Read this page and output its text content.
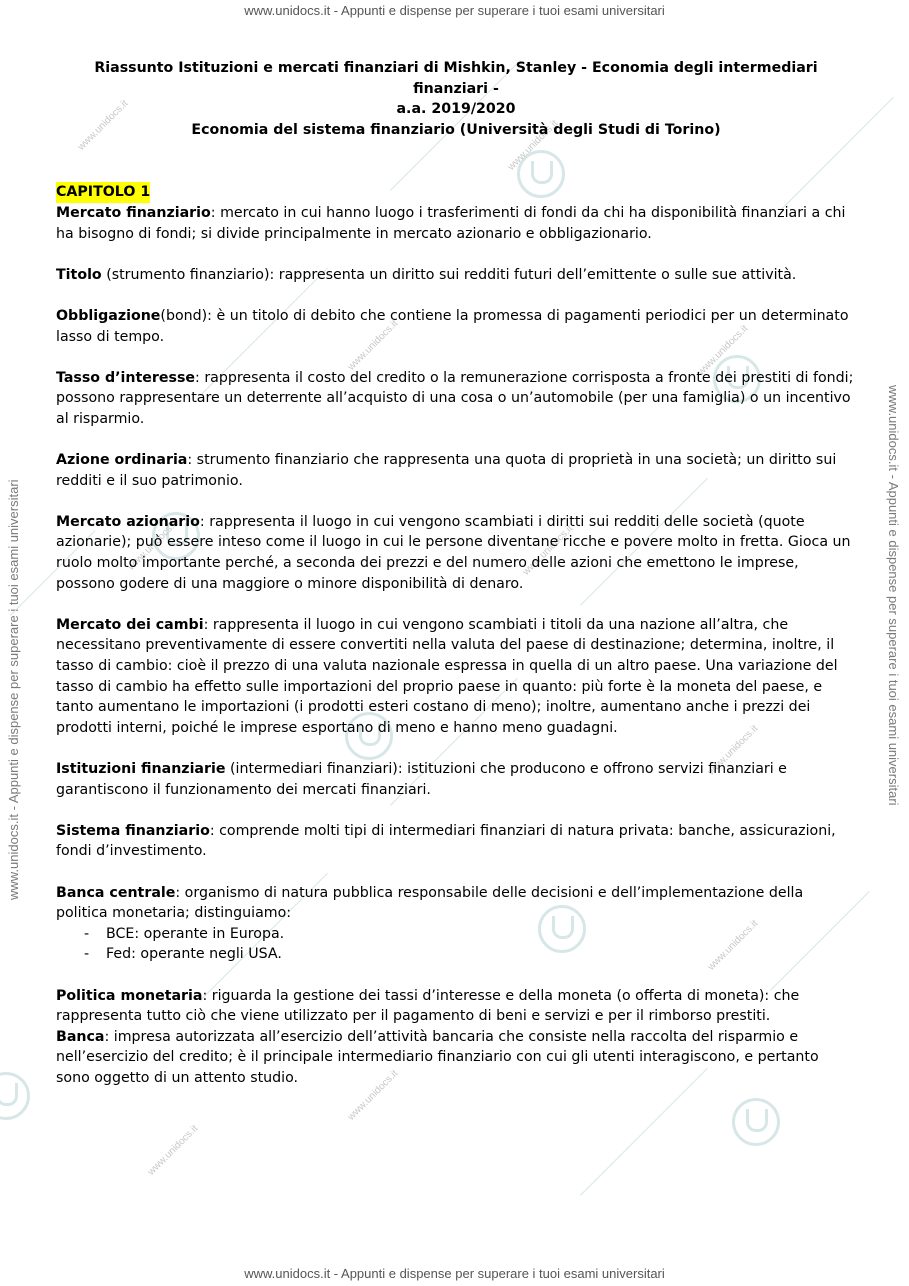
www.unidocs.it - Appunti e dispense per superare i tuoi esami universitari
www.unidocs.it - Appunti e dispense per superare i tuoi esami universitari
www.unidocs.it - Appunti e dispense per superare i tuoi esami universitari	www.unidocs.it - Appunti e dispense per superare i tuoi esami universitari
www.unidocs.it	www.unidocs.it
www.unidocs.it	www.unidocs.it
www.unidocs.it	www.unidocs.it
www.unidocs.it
www.unidocs.it
www.unidocs.it
www.unidocs.it
Riassunto Istituzioni e mercati finanziari di Mishkin, Stanley - Economia degli intermediari finanziari -
a.a. 2019/2020
Economia del sistema finanziario (Università degli Studi di Torino)
CAPITOLO 1

Mercato finanziario: mercato in cui hanno luogo i trasferimenti di fondi da chi ha disponibilità finanziari a chi ha bisogno di fondi; si divide principalmente in mercato azionario e obbligazionario.

Titolo (strumento finanziario): rappresenta un diritto sui redditi futuri dell’emittente o sulle sue attività.

Obbligazione(bond): è un titolo di debito che contiene la promessa di pagamenti periodici per un determinato lasso di tempo.

Tasso d’interesse: rappresenta il costo del credito o la remunerazione corrisposta a fronte dei prestiti di fondi; possono rappresentare un deterrente all’acquisto di una cosa o un’automobile (per una famiglia) o un incentivo al risparmio.

Azione ordinaria: strumento finanziario che rappresenta una quota di proprietà in una società; un diritto sui redditi e il suo patrimonio.

Mercato azionario: rappresenta il luogo in cui vengono scambiati i diritti sui redditi delle società (quote azionarie); può essere inteso come il luogo in cui le persone diventane ricche e povere molto in fretta. Gioca un ruolo molto importante perché, a seconda dei prezzi e del numero delle azioni che emettono le imprese, possono godere di una maggiore o minore disponibilità di denaro.

Mercato dei cambi: rappresenta il luogo in cui vengono scambiati i titoli da una nazione all’altra, che necessitano preventivamente di essere convertiti nella valuta del paese di destinazione; determina, inoltre, il tasso di cambio: cioè il prezzo di una valuta nazionale espressa in quella di un altro paese. Una variazione del tasso di cambio ha effetto sulle importazioni del proprio paese in quanto: più forte è la moneta del paese, e tanto aumentano le importazioni (i prodotti esteri costano di meno); inoltre, aumentano anche i prezzi dei prodotti interni, poiché le imprese esportano di meno e hanno meno guadagni.

Istituzioni finanziarie (intermediari finanziari): istituzioni che producono e offrono servizi finanziari e garantiscono il funzionamento dei mercati finanziari.

Sistema finanziario: comprende molti tipi di intermediari finanziari di natura privata: banche, assicurazioni, fondi d’investimento.

Banca centrale: organismo di natura pubblica responsabile delle decisioni e dell’implementazione della politica monetaria; distinguiamo:

- BCE: operante in Europa.
- Fed: operante negli USA.

Politica monetaria: riguarda la gestione dei tassi d’interesse e della moneta (o offerta di moneta): che rappresenta tutto ciò che viene utilizzato per il pagamento di beni e servizi e per il rimborso prestiti.

Banca: impresa autorizzata all’esercizio dell’attività bancaria che consiste nella raccolta del risparmio e nell’esercizio del credito; è il principale intermediario finanziario con cui gli utenti interagiscono, e pertanto sono oggetto di un attento studio.
